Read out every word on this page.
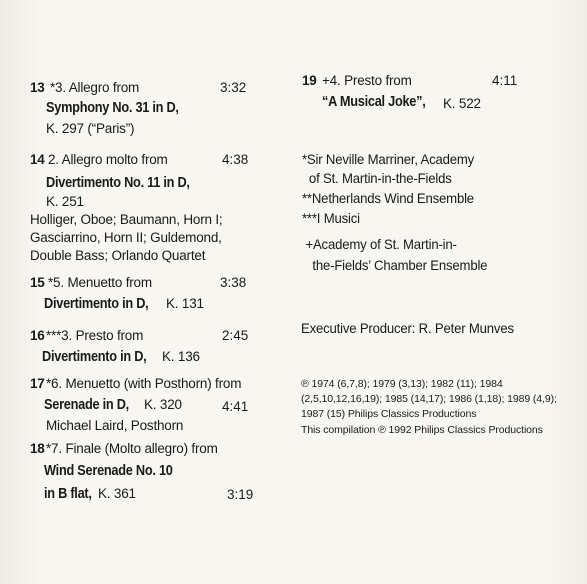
13 *3. Allegro from	3:32
Symphony No. 31 in D,
K. 297 (“Paris”)
14 2. Allegro molto from	4:38
Divertimento No. 11 in D,
K. 251
Holliger, Oboe; Baumann, Horn I;
Gasciarrino, Horn II; Guldemond,
Double Bass; Orlando Quartet
15 *5. Menuetto from	3:38
Divertimento in D, K. 131
16 ***3. Presto from	2:45
Divertimento in D, K. 136
17 *6. Menuetto (with Posthorn) from
Serenade in D, K. 320	4:41
Michael Laird, Posthorn
18 *7. Finale (Molto allegro) from
Wind Serenade No. 10
in B flat, K. 361	3:19
19 +4. Presto from	4:11
“A Musical Joke”, K. 522
*Sir Neville Marriner, Academy
of St. Martin-in-the-Fields
**Netherlands Wind Ensemble
***I Musici
+Academy of St. Martin-in-
the-Fields’ Chamber Ensemble
Executive Producer: R. Peter Munves
℗ 1974 (6,7,8); 1979 (3,13); 1982 (11); 1984
(2,5,10,12,16,19); 1985 (14,17); 1986 (1,18); 1989 (4,9);
1987 (15) Philips Classics Productions
This compilation ℗ 1992 Philips Classics Productions
